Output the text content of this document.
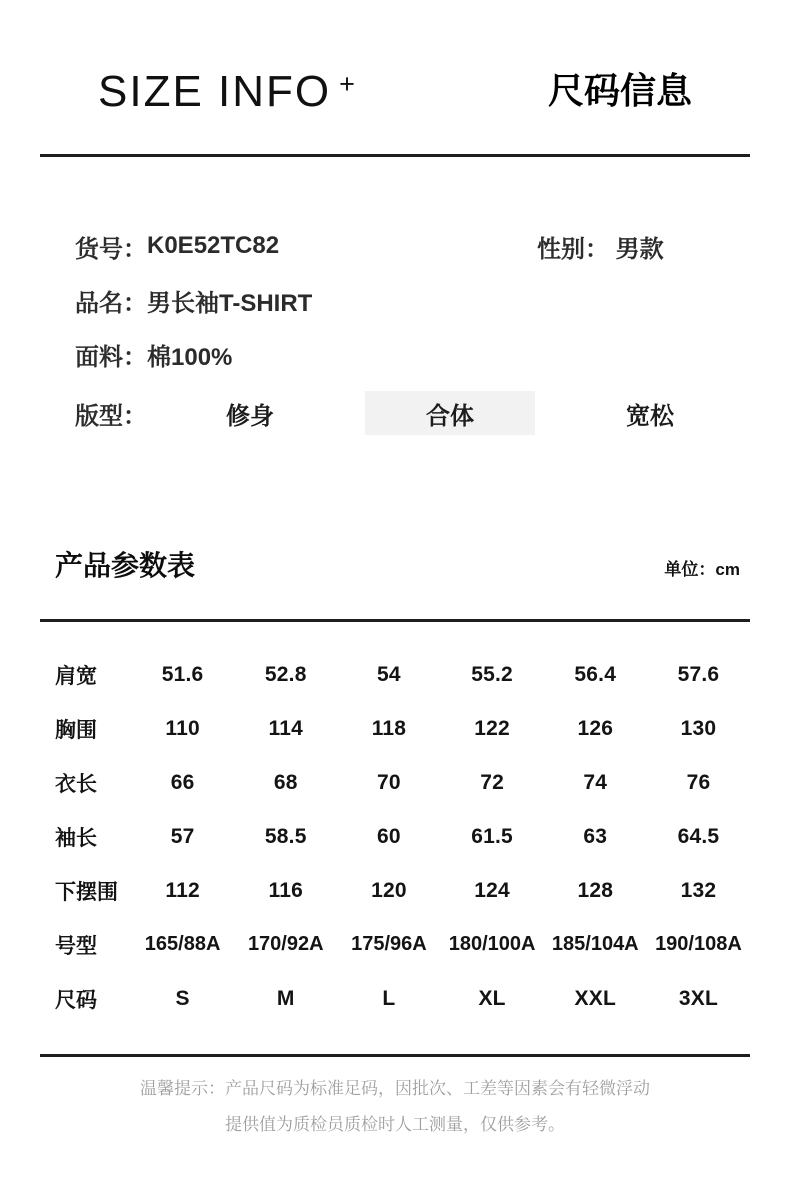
SIZE INFO +	尺码信息
货号： K0E52TC82	性别： 男款
品名： 男长袖T-SHIRT
面料： 棉100%
版型：	修身	合体	宽松
产品参数表	单位：cm
肩宽	51.6	52.8	54	55.2	56.4	57.6
胸围	110	114	118	122	126	130
衣长	66	68	70	72	74	76
袖长	57	58.5	60	61.5	63	64.5
下摆围	112	116	120	124	128	132
号型	165/88A	170/92A	175/96A	180/100A 185/104A 190/108A
尺码	S	M	L	XL	XXL	3XL
温馨提示：产品尺码为标准足码，因批次、工差等因素会有轻微浮动
提供值为质检员质检时人工测量，仅供参考。
